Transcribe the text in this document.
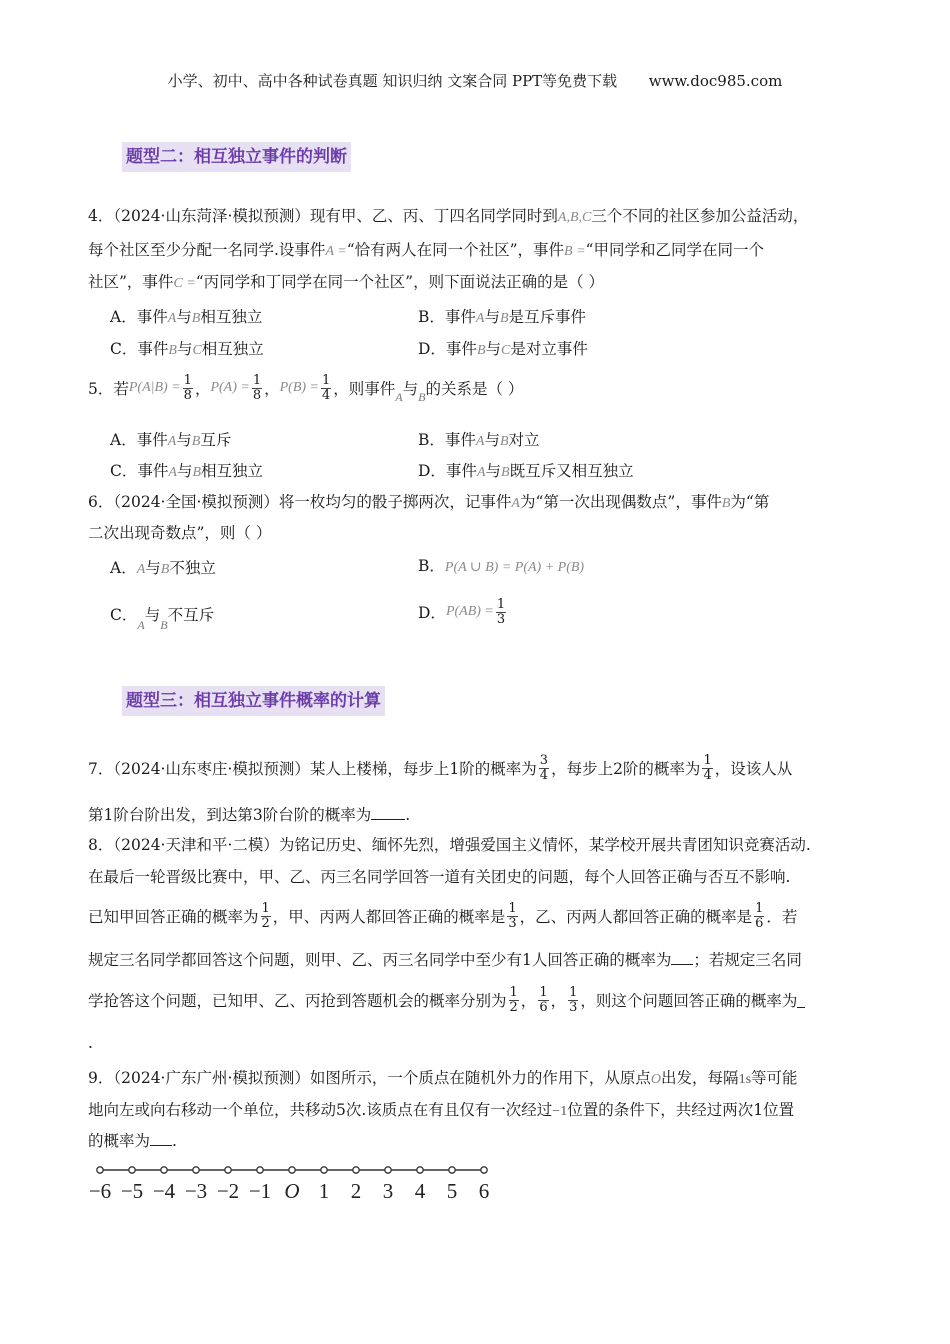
小学、初中、高中各种试卷真题 知识归纳 文案合同 PPT等免费下载 www.doc985.com
题型二：相互独立事件的判断
4．（2024·山东菏泽·模拟预测）现有甲、乙、丙、丁四名同学同时到A,B,C三个不同的社区参加公益活动，
每个社区至少分配一名同学.设事件A =“恰有两人在同一个社区”，事件B =“甲同学和乙同学在同一个
社区”，事件C =“丙同学和丁同学在同一个社区”，则下面说法正确的是（ ）
A．事件A与B相互独立	B．事件A与B是互斥事件
C．事件B与C相互独立	D．事件B与C是对立事件
5．若 $P(A|B) = \frac{1}{8}$ ， $P(A) = \frac{1}{8}$ ， $P(B) = \frac{1}{4}$ ，则事件 A 与 B 的关系是（ ）
A．事件A与B互斥	B．事件A与B对立
C．事件A与B相互独立	D．事件A与B既互斥又相互独立
6．（2024·全国·模拟预测）将一枚均匀的骰子掷两次，记事件A为“第一次出现偶数点”，事件B为“第
二次出现奇数点”，则（ ）
A．A与B不独立	B．P(A ∪ B) = P(A) + P(B)
C．$_A$与$_B$不互斥	D． $P(AB) = \frac{1}{3}$
题型三：相互独立事件概率的计算
7．（2024·山东枣庄·模拟预测）某人上楼梯，每步上1阶的概率为 $\frac{3}{4}$ ，每步上2阶的概率为 $\frac{1}{4}$ ，设该人从
第1阶台阶出发，到达第3阶台阶的概率为 .
8．（2024·天津和平·二模）为铭记历史、缅怀先烈，增强爱国主义情怀，某学校开展共青团知识竞赛活动.
在最后一轮晋级比赛中，甲、乙、丙三名同学回答一道有关团史的问题，每个人回答正确与否互不影响.
已知甲回答正确的概率为 $\frac{1}{2}$ ，甲、丙两人都回答正确的概率是 $\frac{1}{3}$ ，乙、丙两人都回答正确的概率是 $\frac{1}{6}$ ．若
规定三名同学都回答这个问题，则甲、乙、丙三名同学中至少有1人回答正确的概率为 ；若规定三名同
学抢答这个问题，已知甲、乙、丙抢到答题机会的概率分别为 $\frac{1}{2}$ ， $\frac{1}{6}$ ， $\frac{1}{3}$ ，则这个问题回答正确的概率为
.
9．（2024·广东广州·模拟预测）如图所示，一个质点在随机外力的作用下，从原点O出发，每隔1s等可能
地向左或向右移动一个单位，共移动5次.该质点在有且仅有一次经过−1位置的条件下，共经过两次1位置
的概率为 .
−6 −5 −4 −3 −2 −1 O 1 2 3 4 5 6
